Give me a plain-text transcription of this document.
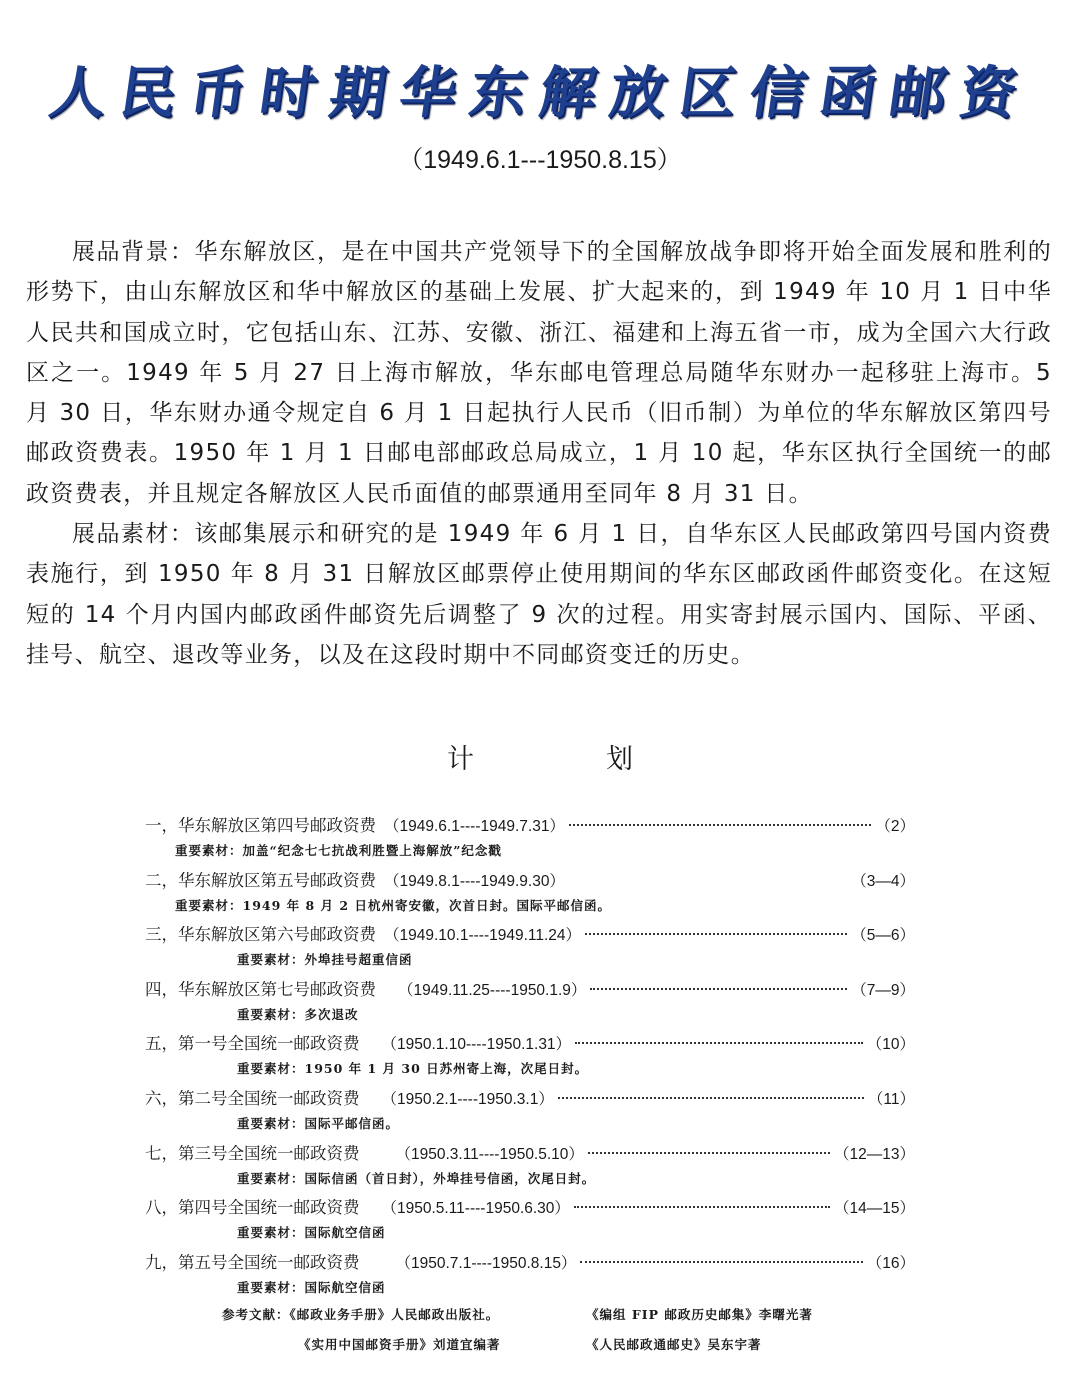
人民币时期华东解放区信函邮资
（1949.6.1---1950.8.15）

展品背景：华东解放区，是在中国共产党领导下的全国解放战争即将开始全面发展和胜利的形势下，由山东解放区和华中解放区的基础上发展、扩大起来的，到 1949 年 10 月 1 日中华人民共和国成立时，它包括山东、江苏、安徽、浙江、福建和上海五省一市，成为全国六大行政区之一。1949 年 5 月 27 日上海市解放，华东邮电管理总局随华东财办一起移驻上海市。5 月 30 日，华东财办通令规定自 6 月 1 日起执行人民币（旧币制）为单位的华东解放区第四号邮政资费表。1950 年 1 月 1 日邮电部邮政总局成立，1 月 10 起，华东区执行全国统一的邮政资费表，并且规定各解放区人民币面值的邮票通用至同年 8 月 31 日。

展品素材：该邮集展示和研究的是 1949 年 6 月 1 日，自华东区人民邮政第四号国内资费表施行，到 1950 年 8 月 31 日解放区邮票停止使用期间的华东区邮政函件邮资变化。在这短短的 14 个月内国内邮政函件邮资先后调整了 9 次的过程。用实寄封展示国内、国际、平函、挂号、航空、退改等业务，以及在这段时期中不同邮资变迁的历史。

计	划
一， 华东解放区第四号邮政资费 （1949.6.1----1949.7.31）	（2）
重要素材：加盖“纪念七七抗战利胜暨上海解放”纪念戳
二， 华东解放区第五号邮政资费 （1949.8.1----1949.9.30）	（3—4）
重要素材：1949 年 8 月 2 日杭州寄安徽，次首日封。国际平邮信函。
三， 华东解放区第六号邮政资费 （1949.10.1----1949.11.24）	（5—6）
重要素材：外埠挂号超重信函
四， 华东解放区第七号邮政资费 （1949.11.25----1950.1.9）	（7—9）
重要素材：多次退改
五， 第一号全国统一邮政资费 （1950.1.10----1950.1.31）	（10）
重要素材：1950 年 1 月 30 日苏州寄上海，次尾日封。
六， 第二号全国统一邮政资费 （1950.2.1----1950.3.1）	（11）
重要素材：国际平邮信函。
七， 第三号全国统一邮政资费 （1950.3.11----1950.5.10）	（12—13）
重要素材：国际信函（首日封），外埠挂号信函，次尾日封。
八， 第四号全国统一邮政资费 （1950.5.11----1950.6.30）	（14—15）
重要素材：国际航空信函
九， 第五号全国统一邮政资费 （1950.7.1----1950.8.15）	（16）
重要素材：国际航空信函
参考文献：《邮政业务手册》人民邮政出版社。	《编组 FIP 邮政历史邮集》李曙光著
《实用中国邮资手册》刘道宜编著	《人民邮政通邮史》吴东宇著
